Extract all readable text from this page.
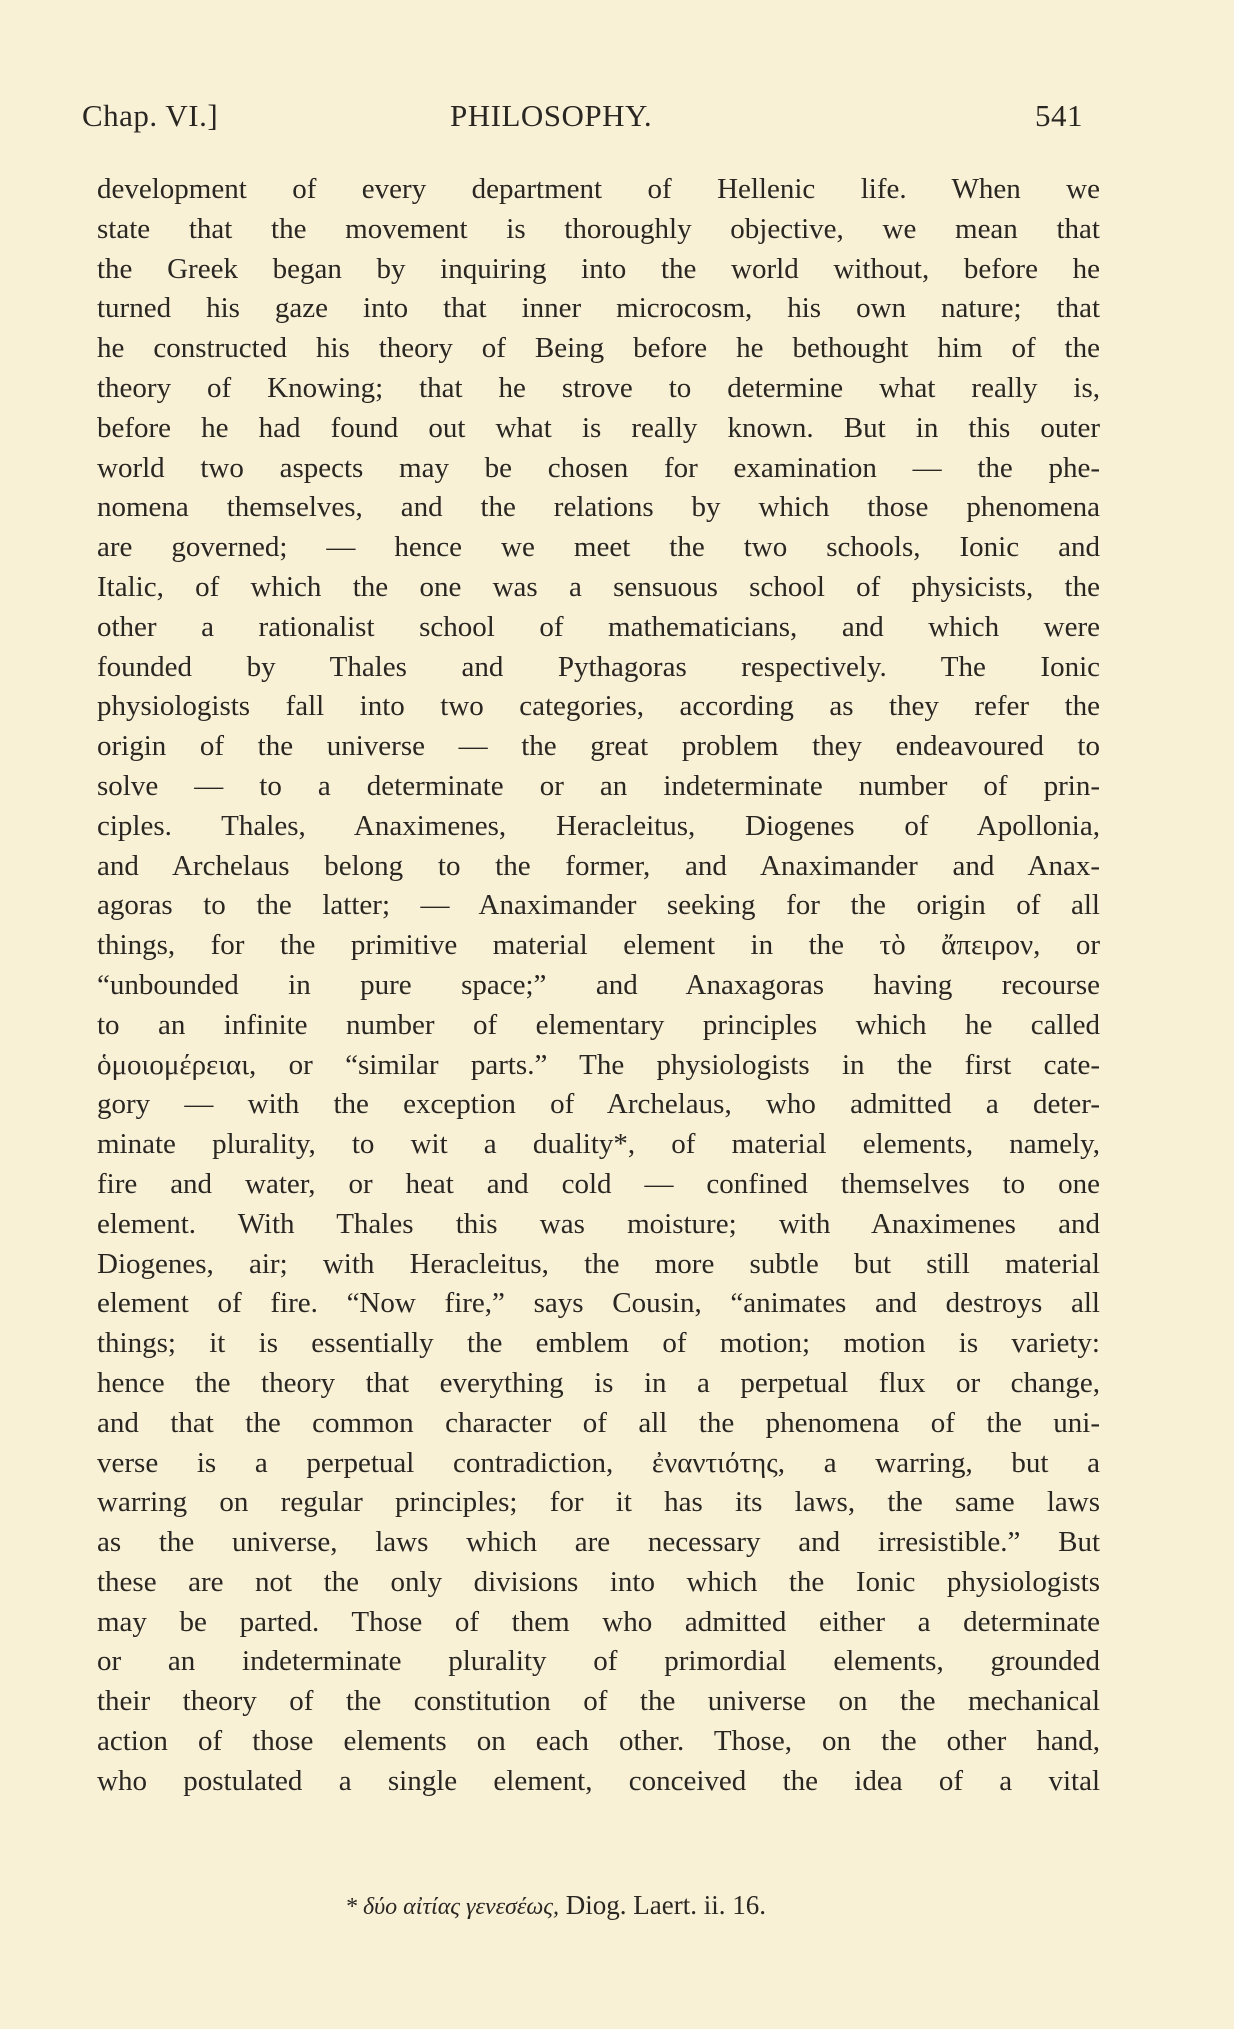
Chap. VI.]	PHILOSOPHY.	541
development of every department of Hellenic life. When we
state that the movement is thoroughly objective, we mean that
the Greek began by inquiring into the world without, before he
turned his gaze into that inner microcosm, his own nature; that
he constructed his theory of Being before he bethought him of the
theory of Knowing; that he strove to determine what really is,
before he had found out what is really known. But in this outer
world two aspects may be chosen for examination — the phe-
nomena themselves, and the relations by which those phenomena
are governed; — hence we meet the two schools, Ionic and
Italic, of which the one was a sensuous school of physicists, the
other a rationalist school of mathematicians, and which were
founded by Thales and Pythagoras respectively. The Ionic
physiologists fall into two categories, according as they refer the
origin of the universe — the great problem they endeavoured to
solve — to a determinate or an indeterminate number of prin-
ciples. Thales, Anaximenes, Heracleitus, Diogenes of Apollonia,
and Archelaus belong to the former, and Anaximander and Anax-
agoras to the latter; — Anaximander seeking for the origin of all
things, for the primitive material element in the τὸ ἄπειρον, or
“unbounded in pure space;” and Anaxagoras having recourse
to an infinite number of elementary principles which he called
ὁμοιομέρειαι, or “similar parts.” The physiologists in the first cate-
gory — with the exception of Archelaus, who admitted a deter-
minate plurality, to wit a duality*, of material elements, namely,
fire and water, or heat and cold — confined themselves to one
element. With Thales this was moisture; with Anaximenes and
Diogenes, air; with Heracleitus, the more subtle but still material
element of fire. “Now fire,” says Cousin, “animates and destroys all
things; it is essentially the emblem of motion; motion is variety:
hence the theory that everything is in a perpetual flux or change,
and that the common character of all the phenomena of the uni-
verse is a perpetual contradiction, ἐναντιότης, a warring, but a
warring on regular principles; for it has its laws, the same laws
as the universe, laws which are necessary and irresistible.” But
these are not the only divisions into which the Ionic physiologists
may be parted. Those of them who admitted either a determinate
or an indeterminate plurality of primordial elements, grounded
their theory of the constitution of the universe on the mechanical
action of those elements on each other. Those, on the other hand,
who postulated a single element, conceived the idea of a vital
* δύο αἰτίας γενεσέως, Diog. Laert. ii. 16.
